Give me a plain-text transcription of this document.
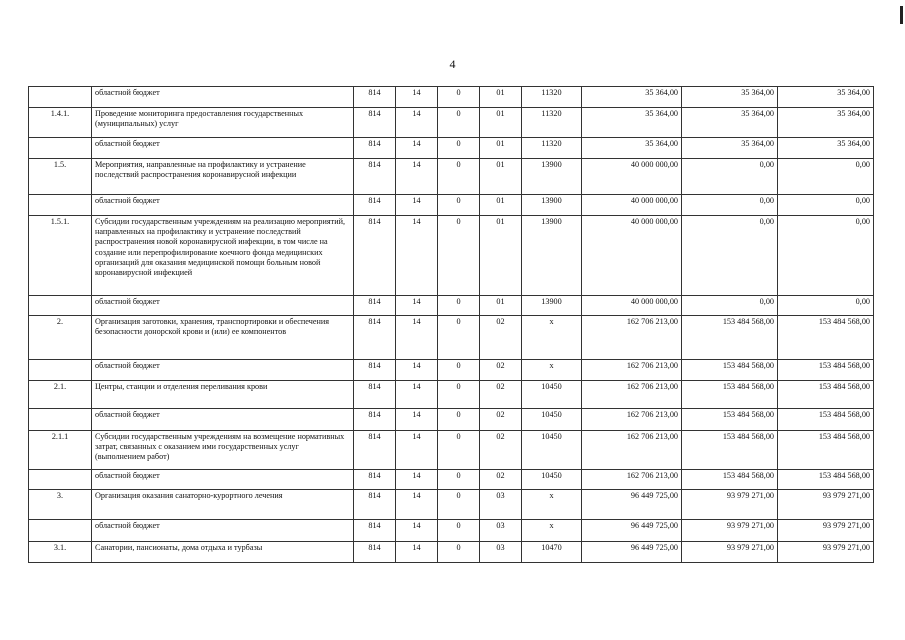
4
	областной бюджет	814	14	0	01	11320	35 364,00	35 364,00	35 364,00
1.4.1.	Проведение мониторинга предоставления государственных (муниципальных) услуг	814	14	0	01	11320	35 364,00	35 364,00	35 364,00
	областной бюджет	814	14	0	01	11320	35 364,00	35 364,00	35 364,00
1.5.	Мероприятия, направленные на профилактику и устранение последствий распространения коронавирусной инфекции	814	14	0	01	13900	40 000 000,00	0,00	0,00
	областной бюджет	814	14	0	01	13900	40 000 000,00	0,00	0,00
1.5.1.	Субсидии государственным учреждениям на реализацию мероприятий, направленных на профилактику и устранение последствий распространения новой коронавирусной инфекции, в том числе на создание или перепрофилирование коечного фонда медицинских организаций для оказания медицинской помощи больным новой коронавирусной инфекцией	814	14	0	01	13900	40 000 000,00	0,00	0,00
	областной бюджет	814	14	0	01	13900	40 000 000,00	0,00	0,00
2.	Организация заготовки, хранения, транспортировки и обеспечения безопасности донорской крови и (или) ее компонентов	814	14	0	02	x	162 706 213,00	153 484 568,00	153 484 568,00
	областной бюджет	814	14	0	02	x	162 706 213,00	153 484 568,00	153 484 568,00
2.1.	Центры, станции и отделения переливания крови	814	14	0	02	10450	162 706 213,00	153 484 568,00	153 484 568,00
	областной бюджет	814	14	0	02	10450	162 706 213,00	153 484 568,00	153 484 568,00
2.1.1	Субсидии государственным учреждениям на возмещение нормативных затрат, связанных с оказанием ими государственных услуг (выполнением работ)	814	14	0	02	10450	162 706 213,00	153 484 568,00	153 484 568,00
	областной бюджет	814	14	0	02	10450	162 706 213,00	153 484 568,00	153 484 568,00
3.	Организация оказания санаторно-курортного лечения	814	14	0	03	x	96 449 725,00	93 979 271,00	93 979 271,00
	областной бюджет	814	14	0	03	x	96 449 725,00	93 979 271,00	93 979 271,00
3.1.	Санатории, пансионаты, дома отдыха и турбазы	814	14	0	03	10470	96 449 725,00	93 979 271,00	93 979 271,00
